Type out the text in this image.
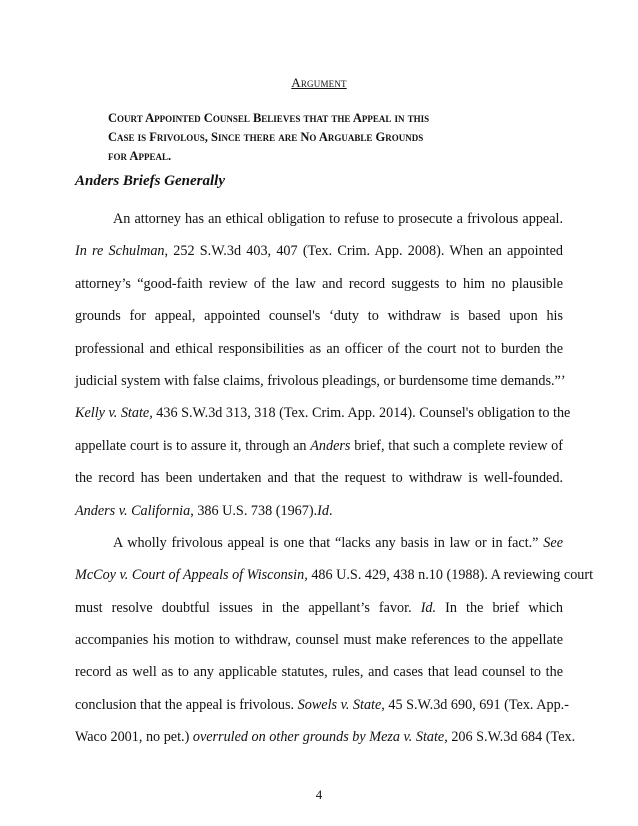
Argument
Court Appointed Counsel Believes that the Appeal in this
Case is Frivolous, Since there are No Arguable Grounds
for Appeal.
Anders Briefs Generally
An attorney has an ethical obligation to refuse to prosecute a frivolous appeal.
In re Schulman, 252 S.W.3d 403, 407 (Tex. Crim. App. 2008). When an appointed
attorney’s “good-faith review of the law and record suggests to him no plausible
grounds for appeal, appointed counsel's ‘duty to withdraw is based upon his
professional and ethical responsibilities as an officer of the court not to burden the
judicial system with false claims, frivolous pleadings, or burdensome time demands.”’
Kelly v. State, 436 S.W.3d 313, 318 (Tex. Crim. App. 2014). Counsel's obligation to the
appellate court is to assure it, through an Anders brief, that such a complete review of
the record has been undertaken and that the request to withdraw is well-founded.
Anders v. California, 386 U.S. 738 (1967).Id.
A wholly frivolous appeal is one that “lacks any basis in law or in fact.” See
McCoy v. Court of Appeals of Wisconsin, 486 U.S. 429, 438 n.10 (1988). A reviewing court
must resolve doubtful issues in the appellant’s favor. Id. In the brief which
accompanies his motion to withdraw, counsel must make references to the appellate
record as well as to any applicable statutes, rules, and cases that lead counsel to the
conclusion that the appeal is frivolous. Sowels v. State, 45 S.W.3d 690, 691 (Tex. App.-
Waco 2001, no pet.) overruled on other grounds by Meza v. State, 206 S.W.3d 684 (Tex.
4
